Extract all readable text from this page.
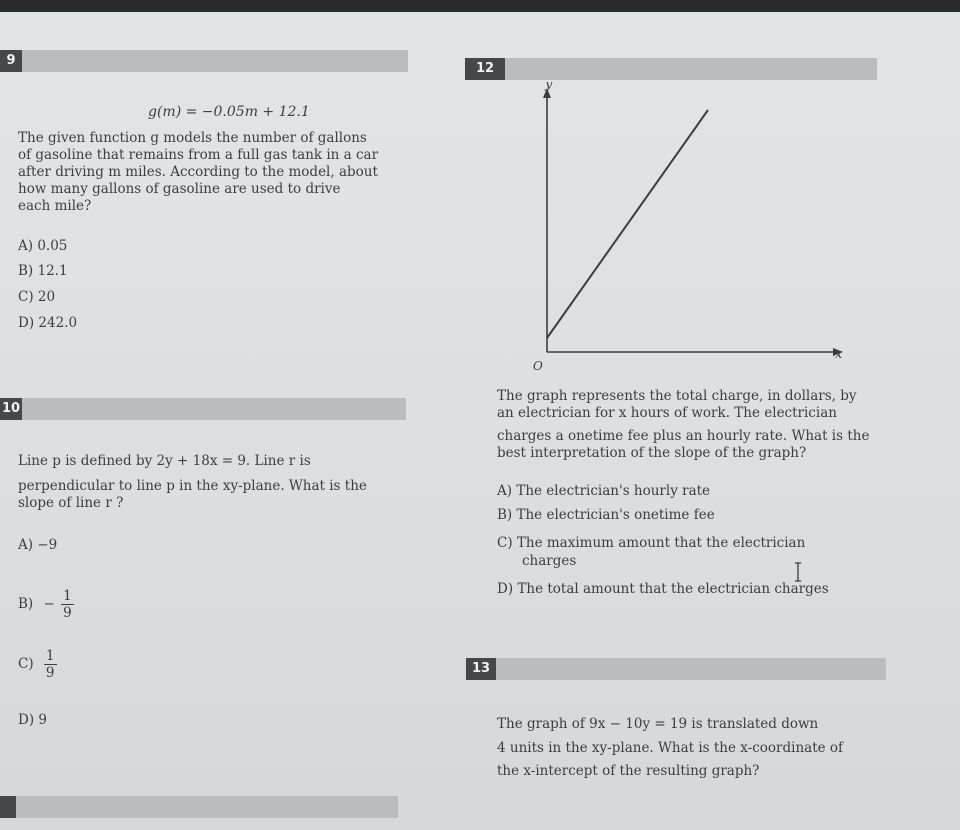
9
g(m) = −0.05m + 12.1
The given function g models the number of gallons
of gasoline that remains from a full gas tank in a car
after driving m miles. According to the model, about
how many gallons of gasoline are used to drive
each mile?
A) 0.05
B) 12.1
C) 20
D) 242.0
10
Line p is defined by 2y + 18x = 9. Line r is
perpendicular to line p in the xy-plane. What is the
slope of line r ?
A) −9
$B) - \frac{1}{9}$
$C) \frac{1}{9}$
D) 9
12
y
x
O
The graph represents the total charge, in dollars, by
an electrician for x hours of work. The electrician
charges a onetime fee plus an hourly rate. What is the
best interpretation of the slope of the graph?
A) The electrician's hourly rate
B) The electrician's onetime fee
C) The maximum amount that the electrician
charges
D) The total amount that the electrician charges
13
The graph of 9x − 10y = 19 is translated down
4 units in the xy-plane. What is the x-coordinate of
the x-intercept of the resulting graph?
